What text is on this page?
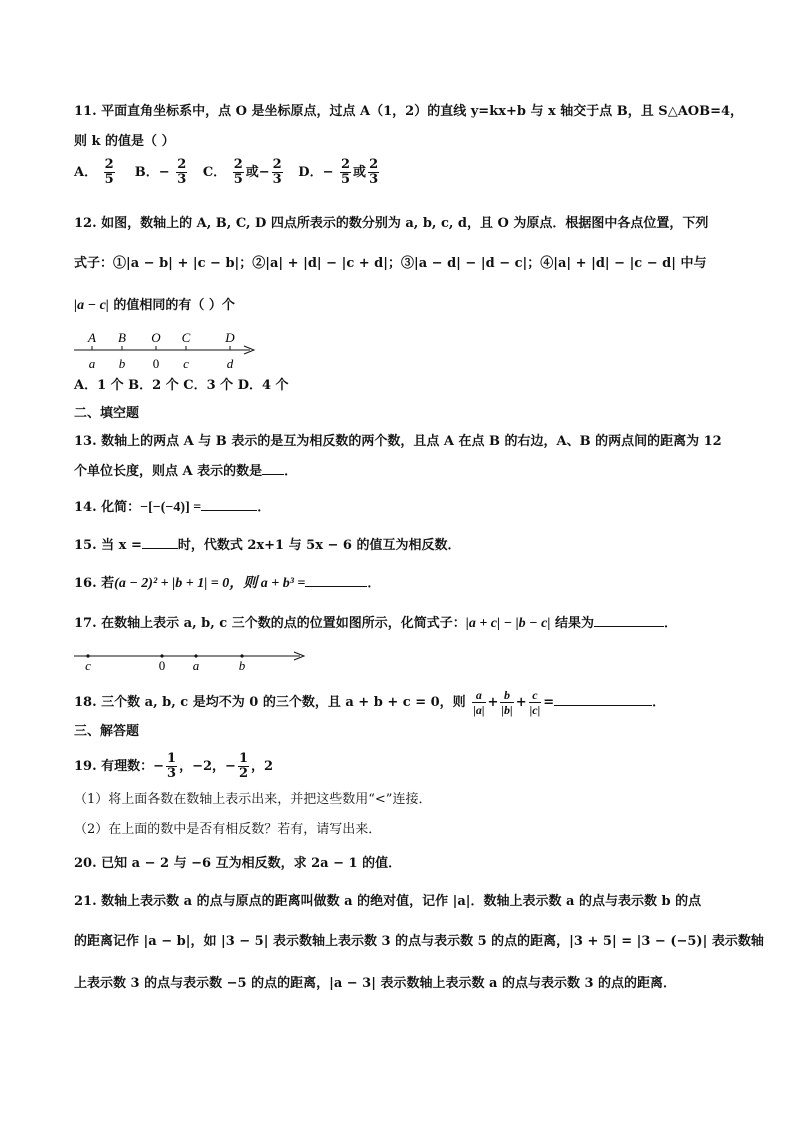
11. 平面直角坐标系中，点 O 是坐标原点，过点 A（1，2）的直线 y=kx+b 与 x 轴交于点 B，且 S△AOB=4，
则 k 的值是（ ）
A． $\frac{2}{5}$ B．− $\frac{2}{3}$ C． $\frac{2}{5}$ 或− $\frac{2}{3}$ D．− $\frac{2}{5}$ 或 $\frac{2}{3}$
12. 如图，数轴上的 A, B, C, D 四点所表示的数分别为 a, b, c, d，且 O 为原点．根据图中各点位置，下列
式子：①|a − b| + |c − b|；②|a| + |d| − |c + d|；③|a − d| − |d − c|；④|a| + |d| − |c − d| 中与
|a − c| 的值相同的有（ ）个
A
a
B
b
O
0
C
c
D
d
A．1 个 B．2 个 C．3 个 D．4 个
二、填空题
13. 数轴上的两点 A 与 B 表示的是互为相反数的两个数，且点 A 在点 B 的右边，A、B 的两点间的距离为 12
个单位长度，则点 A 表示的数是 ．
14. 化简：−[−(−4)] =	．
15. 当 x =	时，代数式 2x+1 与 5x − 6 的值互为相反数．
16. 若(a − 2)² + |b + 1| = 0，则 a + b³ =	．
17. 在数轴上表示 a, b, c 三个数的点的位置如图所示，化简式子：|a + c| − |b − c| 结果为	．
c	0 a	b
18. 三个数 a, b, c 是均不为 0 的三个数，且 a + b + c = 0，则 $\frac{a}{|a|} + \frac{b}{|b|} + \frac{c}{|c|}$ =	．
三、解答题
19. 有理数：− $\frac{1}{3}$ ，−2，− $\frac{1}{2}$ ，2
（1）将上面各数在数轴上表示出来，并把这些数用“<”连接．
（2）在上面的数中是否有相反数？若有，请写出来．
20. 已知 a − 2 与 −6 互为相反数，求 2a − 1 的值．
21. 数轴上表示数 a 的点与原点的距离叫做数 a 的绝对值，记作 |a|．数轴上表示数 a 的点与表示数 b 的点
的距离记作 |a − b|，如 |3 − 5| 表示数轴上表示数 3 的点与表示数 5 的点的距离，|3 + 5| = |3 − (−5)| 表示数轴
上表示数 3 的点与表示数 −5 的点的距离，|a − 3| 表示数轴上表示数 a 的点与表示数 3 的点的距离．
